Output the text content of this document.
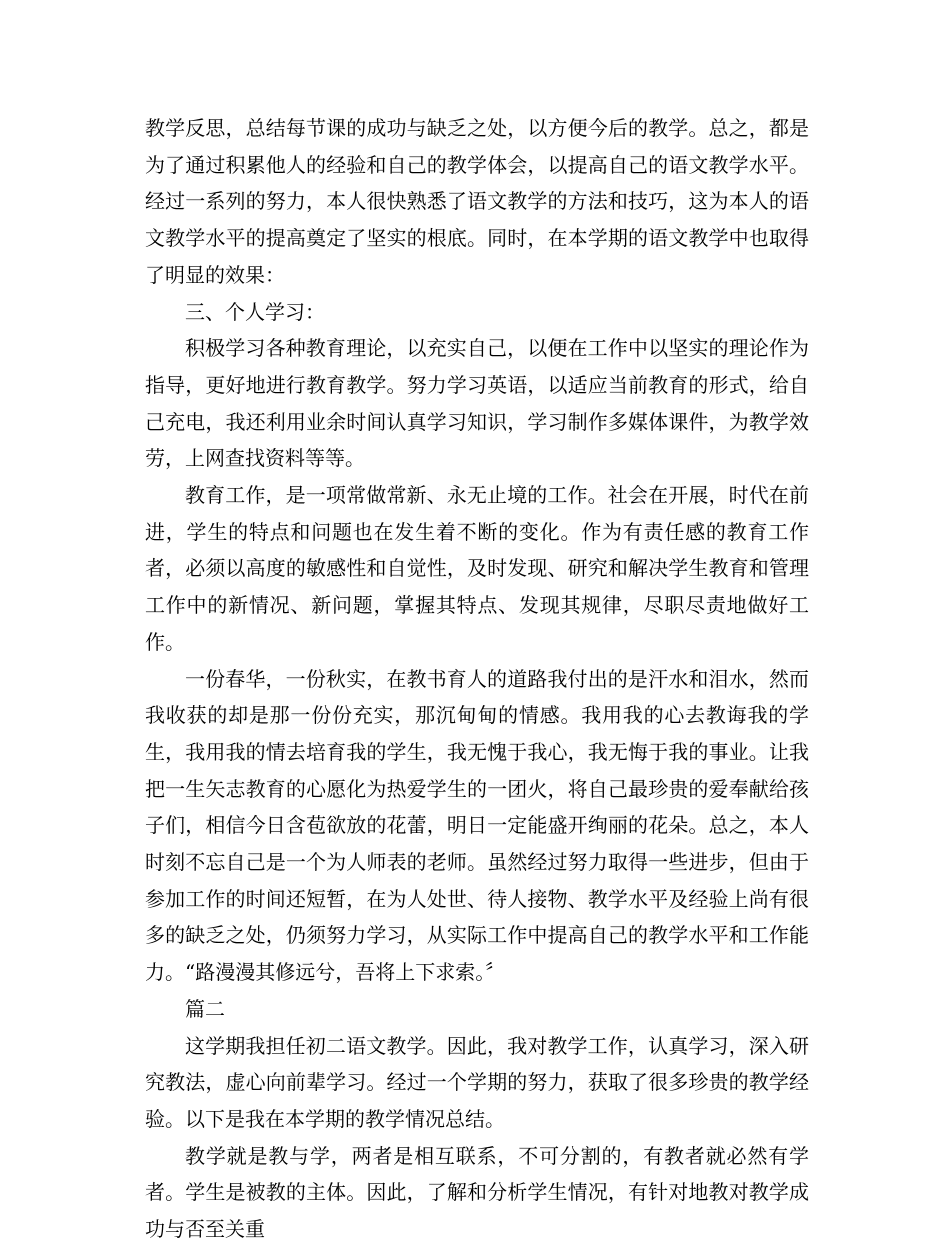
教学反思，总结每节课的成功与缺乏之处，以方便今后的教学。总之，都是为了通过积累他人的经验和自己的教学体会，以提高自己的语文教学水平。经过一系列的努力，本人很快熟悉了语文教学的方法和技巧，这为本人的语文教学水平的提高奠定了坚实的根底。同时，在本学期的语文教学中也取得了明显的效果：

三、个人学习：

积极学习各种教育理论，以充实自己，以便在工作中以坚实的理论作为指导，更好地进行教育教学。努力学习英语，以适应当前教育的形式，给自己充电，我还利用业余时间认真学习知识，学习制作多媒体课件，为教学效劳，上网查找资料等等。

教育工作，是一项常做常新、永无止境的工作。社会在开展，时代在前进，学生的特点和问题也在发生着不断的变化。作为有责任感的教育工作者，必须以高度的敏感性和自觉性，及时发现、研究和解决学生教育和管理工作中的新情况、新问题，掌握其特点、发现其规律，尽职尽责地做好工作。

一份春华，一份秋实，在教书育人的道路我付出的是汗水和泪水，然而我收获的却是那一份份充实，那沉甸甸的情感。我用我的心去教诲我的学生，我用我的情去培育我的学生，我无愧于我心，我无悔于我的事业。让我把一生矢志教育的心愿化为热爱学生的一团火，将自己最珍贵的爱奉献给孩子们，相信今日含苞欲放的花蕾，明日一定能盛开绚丽的花朵。总之，本人时刻不忘自己是一个为人师表的老师。虽然经过努力取得一些进步，但由于参加工作的时间还短暂，在为人处世、待人接物、教学水平及经验上尚有很多的缺乏之处，仍须努力学习，从实际工作中提高自己的教学水平和工作能力。“路漫漫其修远兮，吾将上下求索。〞

篇二

这学期我担任初二语文教学。因此，我对教学工作，认真学习，深入研究教法，虚心向前辈学习。经过一个学期的努力，获取了很多珍贵的教学经验。以下是我在本学期的教学情况总结。

教学就是教与学，两者是相互联系，不可分割的，有教者就必然有学者。学生是被教的主体。因此，了解和分析学生情况，有针对地教对教学成功与否至关重
